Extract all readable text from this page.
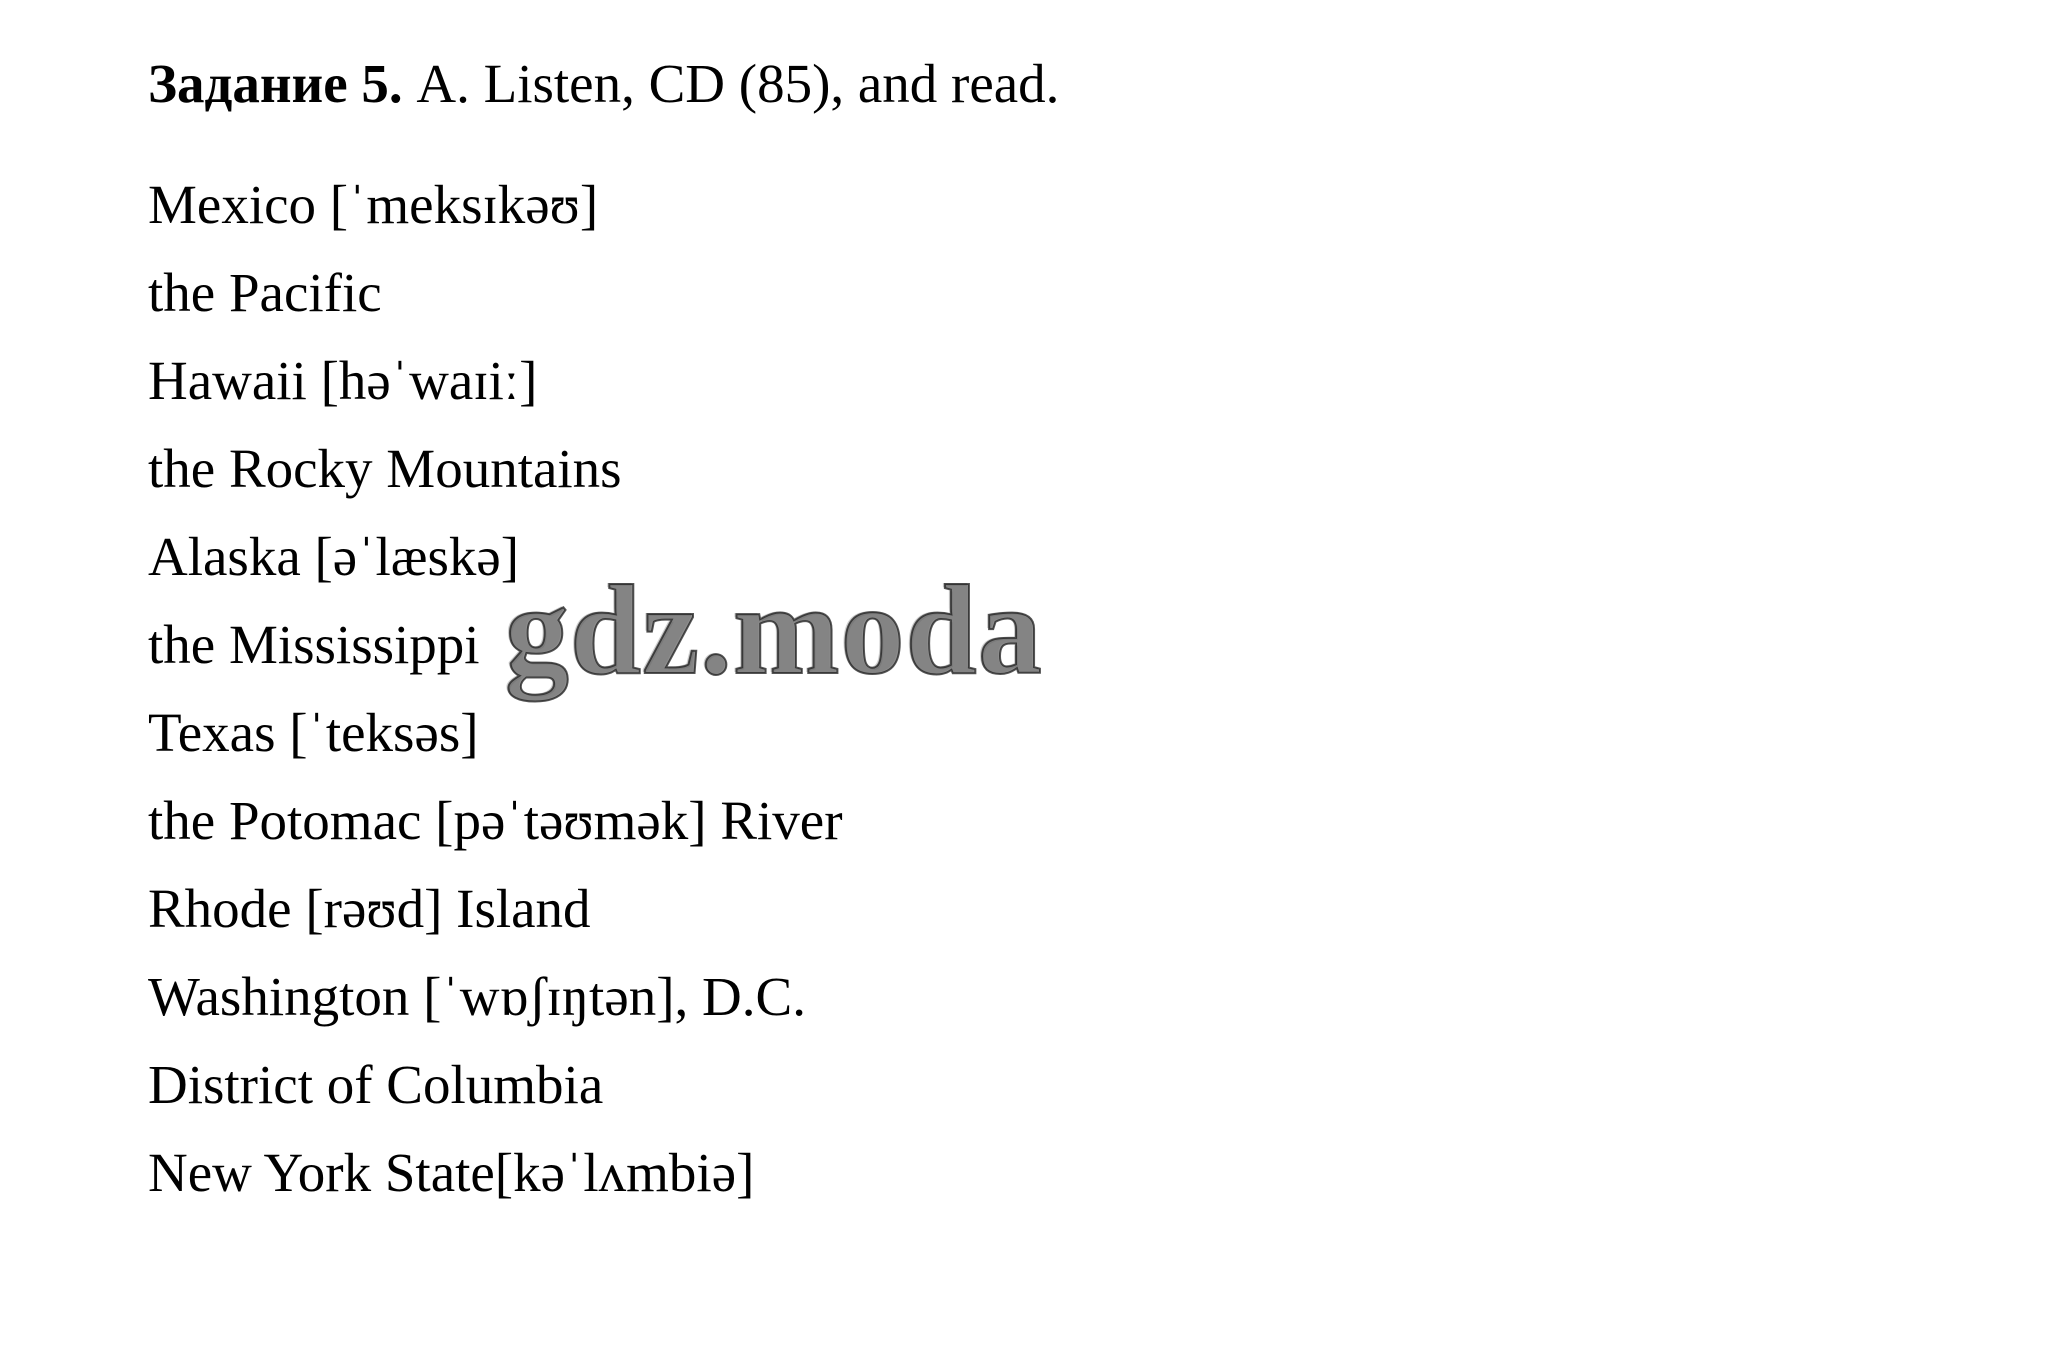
Задание 5. A. Listen, CD (85), and read.
Mexico [ˈmeksɪkəʊ]
the Pacific
Hawaii [həˈwaɪiː]
the Rocky Mountains
Alaska [əˈlæskə]
the Mississippi
Texas [ˈteksəs]
the Potomac [pəˈtəʊmək] River
Rhode [rəʊd] Island
Washington [ˈwɒʃɪŋtən], D.C.
District of Columbia
New York State[kəˈlʌmbiə]
gdz.moda
